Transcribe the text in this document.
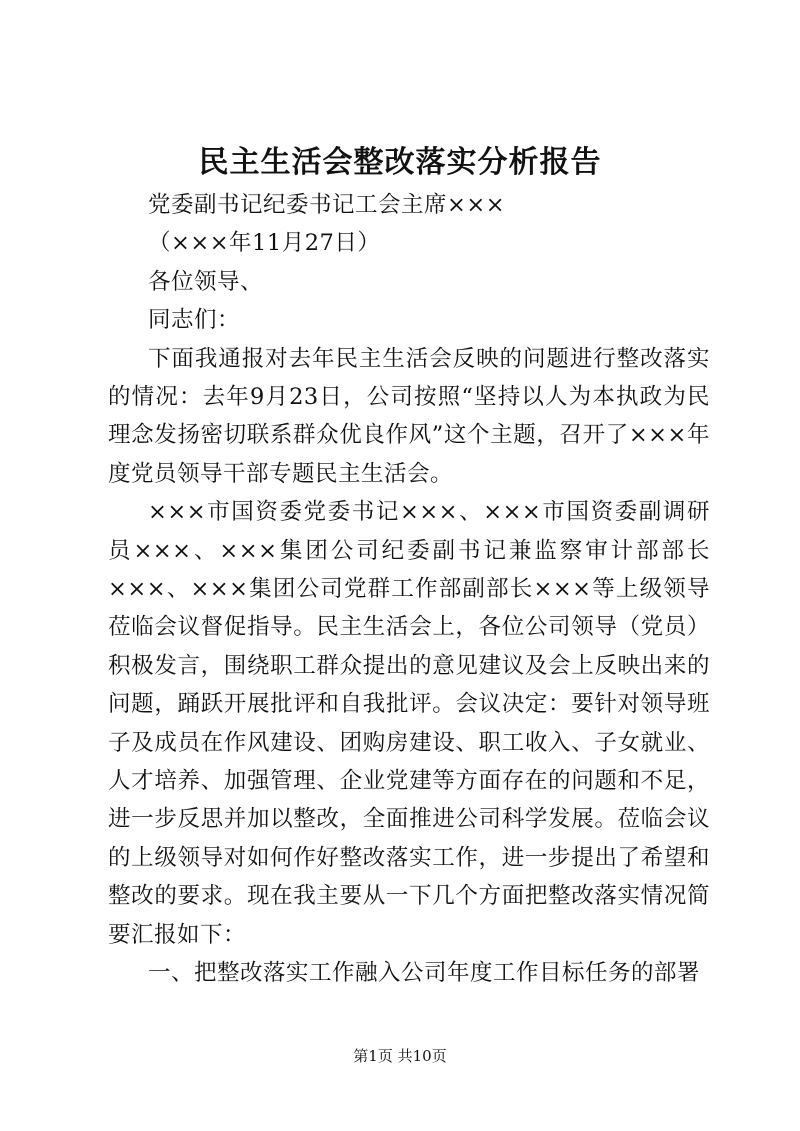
民主生活会整改落实分析报告
党委副书记纪委书记工会主席×××
（×××年11月27日）
各位领导、
同志们：
下面我通报对去年民主生活会反映的问题进行整改落实的情况：去年9月23日，公司按照“坚持以人为本执政为民理念发扬密切联系群众优良作风”这个主题，召开了×××年度党员领导干部专题民主生活会。
×××市国资委党委书记×××、×××市国资委副调研员×××、×××集团公司纪委副书记兼监察审计部部长×××、×××集团公司党群工作部副部长×××等上级领导莅临会议督促指导。民主生活会上，各位公司领导（党员）积极发言，围绕职工群众提出的意见建议及会上反映出来的问题，踊跃开展批评和自我批评。会议决定：要针对领导班子及成员在作风建设、团购房建设、职工收入、子女就业、人才培养、加强管理、企业党建等方面存在的问题和不足，进一步反思并加以整改，全面推进公司科学发展。莅临会议的上级领导对如何作好整改落实工作，进一步提出了希望和整改的要求。现在我主要从一下几个方面把整改落实情况简要汇报如下：
一、把整改落实工作融入公司年度工作目标任务的部署
第1页 共10页
